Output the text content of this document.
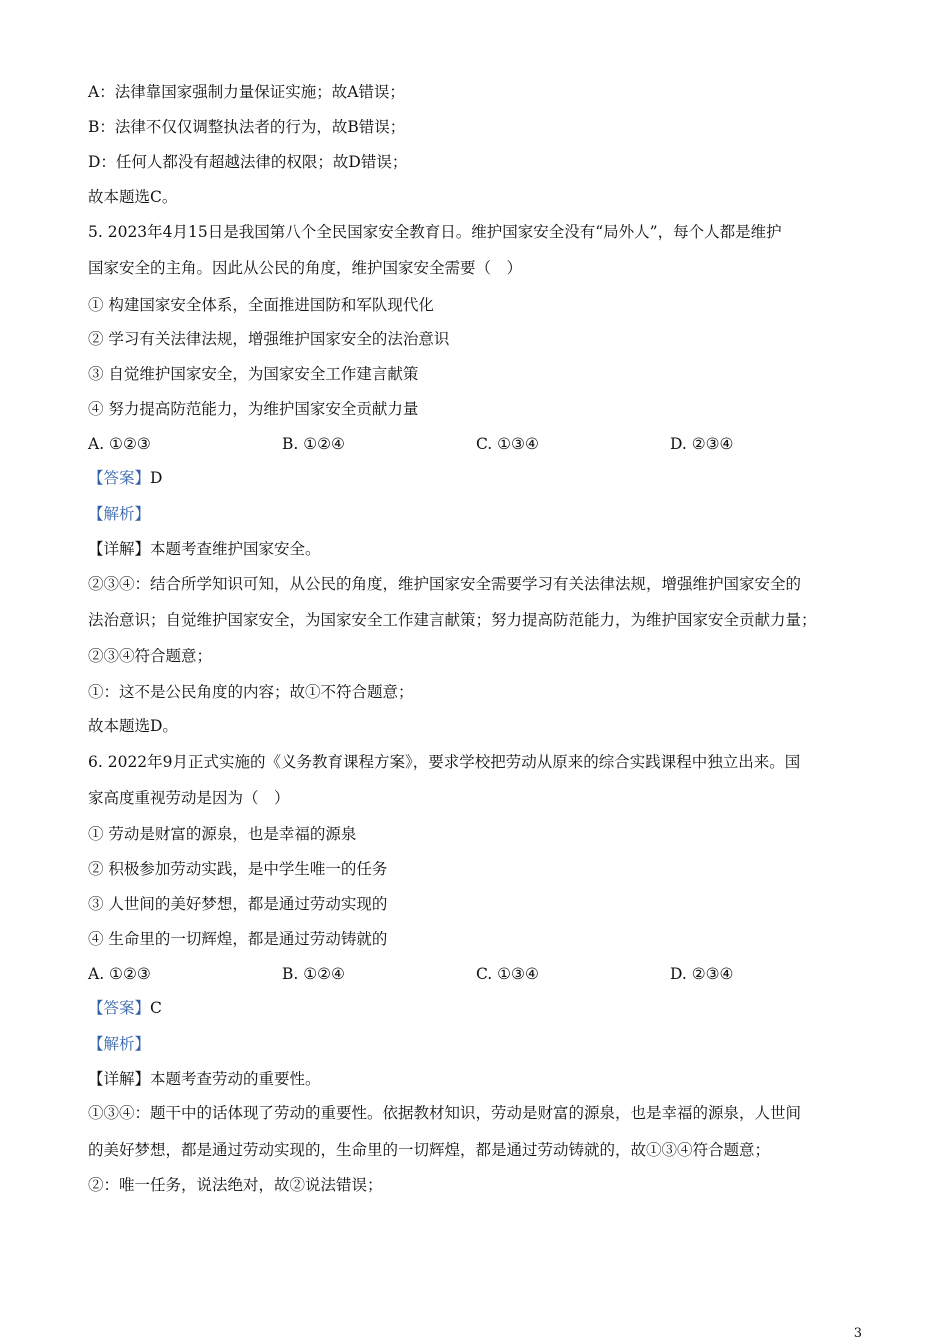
A：法律靠国家强制力量保证实施；故A错误；
B：法律不仅仅调整执法者的行为，故B错误；
D：任何人都没有超越法律的权限；故D错误；
故本题选C。
5. 2023年4月15日是我国第八个全民国家安全教育日。维护国家安全没有“局外人”，每个人都是维护
国家安全的主角。因此从公民的角度，维护国家安全需要（　）
① 构建国家安全体系，全面推进国防和军队现代化
② 学习有关法律法规，增强维护国家安全的法治意识
③ 自觉维护国家安全，为国家安全工作建言献策
④ 努力提高防范能力，为维护国家安全贡献力量
A. ①②③	B. ①②④	C. ①③④	D. ②③④
【答案】D
【解析】
【详解】本题考查维护国家安全。
②③④：结合所学知识可知，从公民的角度，维护国家安全需要学习有关法律法规，增强维护国家安全的
法治意识；自觉维护国家安全，为国家安全工作建言献策；努力提高防范能力，为维护国家安全贡献力量；
②③④符合题意；
①：这不是公民角度的内容；故①不符合题意；
故本题选D。
6. 2022年9月正式实施的《义务教育课程方案》，要求学校把劳动从原来的综合实践课程中独立出来。国
家高度重视劳动是因为（　）
① 劳动是财富的源泉，也是幸福的源泉
② 积极参加劳动实践，是中学生唯一的任务
③ 人世间的美好梦想，都是通过劳动实现的
④ 生命里的一切辉煌，都是通过劳动铸就的
A. ①②③	B. ①②④	C. ①③④	D. ②③④
【答案】C
【解析】
【详解】本题考查劳动的重要性。
①③④：题干中的话体现了劳动的重要性。依据教材知识，劳动是财富的源泉，也是幸福的源泉，人世间
的美好梦想，都是通过劳动实现的，生命里的一切辉煌，都是通过劳动铸就的，故①③④符合题意；
②：唯一任务，说法绝对，故②说法错误；
3
